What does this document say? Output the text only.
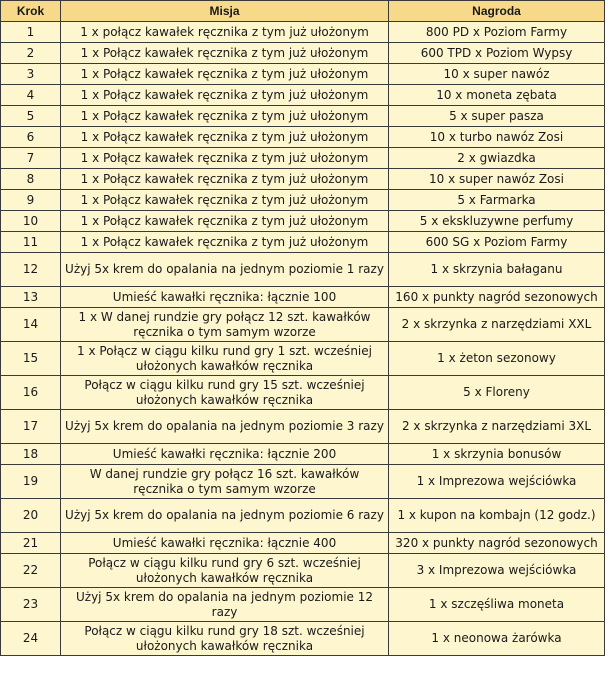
Krok	Misja	Nagroda
1	1 x połącz kawałek ręcznika z tym już ułożonym	800 PD x Poziom Farmy
2	1 x Połącz kawałek ręcznika z tym już ułożonym	600 TPD x Poziom Wypsy
3	1 x Połącz kawałek ręcznika z tym już ułożonym	10 x super nawóz
4	1 x Połącz kawałek ręcznika z tym już ułożonym	10 x moneta zębata
5	1 x Połącz kawałek ręcznika z tym już ułożonym	5 x super pasza
6	1 x Połącz kawałek ręcznika z tym już ułożonym	10 x turbo nawóz Zosi
7	1 x Połącz kawałek ręcznika z tym już ułożonym	2 x gwiazdka
8	1 x Połącz kawałek ręcznika z tym już ułożonym	10 x super nawóz Zosi
9	1 x Połącz kawałek ręcznika z tym już ułożonym	5 x Farmarka
10	1 x Połącz kawałek ręcznika z tym już ułożonym	5 x ekskluzywne perfumy
11	1 x Połącz kawałek ręcznika z tym już ułożonym	600 SG x Poziom Farmy
12	Użyj 5x krem do opalania na jednym poziomie 1 razy	1 x skrzynia bałaganu
13	Umieść kawałki ręcznika: łącznie 100	160 x punkty nagród sezonowych
14	1 x W danej rundzie gry połącz 12 szt. kawałków ręcznika o tym samym wzorze	2 x skrzynka z narzędziami XXL
15	1 x Połącz w ciągu kilku rund gry 1 szt. wcześniej ułożonych kawałków ręcznika	1 x żeton sezonowy
16	Połącz w ciągu kilku rund gry 15 szt. wcześniej ułożonych kawałków ręcznika	5 x Floreny
17	Użyj 5x krem do opalania na jednym poziomie 3 razy	2 x skrzynka z narzędziami 3XL
18	Umieść kawałki ręcznika: łącznie 200	1 x skrzynia bonusów
19	W danej rundzie gry połącz 16 szt. kawałków ręcznika o tym samym wzorze	1 x Imprezowa wejściówka
20	Użyj 5x krem do opalania na jednym poziomie 6 razy	1 x kupon na kombajn (12 godz.)
21	Umieść kawałki ręcznika: łącznie 400	320 x punkty nagród sezonowych
22	Połącz w ciągu kilku rund gry 6 szt. wcześniej ułożonych kawałków ręcznika	3 x Imprezowa wejściówka
23	Użyj 5x krem do opalania na jednym poziomie 12 razy	1 x szczęśliwa moneta
24	Połącz w ciągu kilku rund gry 18 szt. wcześniej ułożonych kawałków ręcznika	1 x neonowa żarówka
